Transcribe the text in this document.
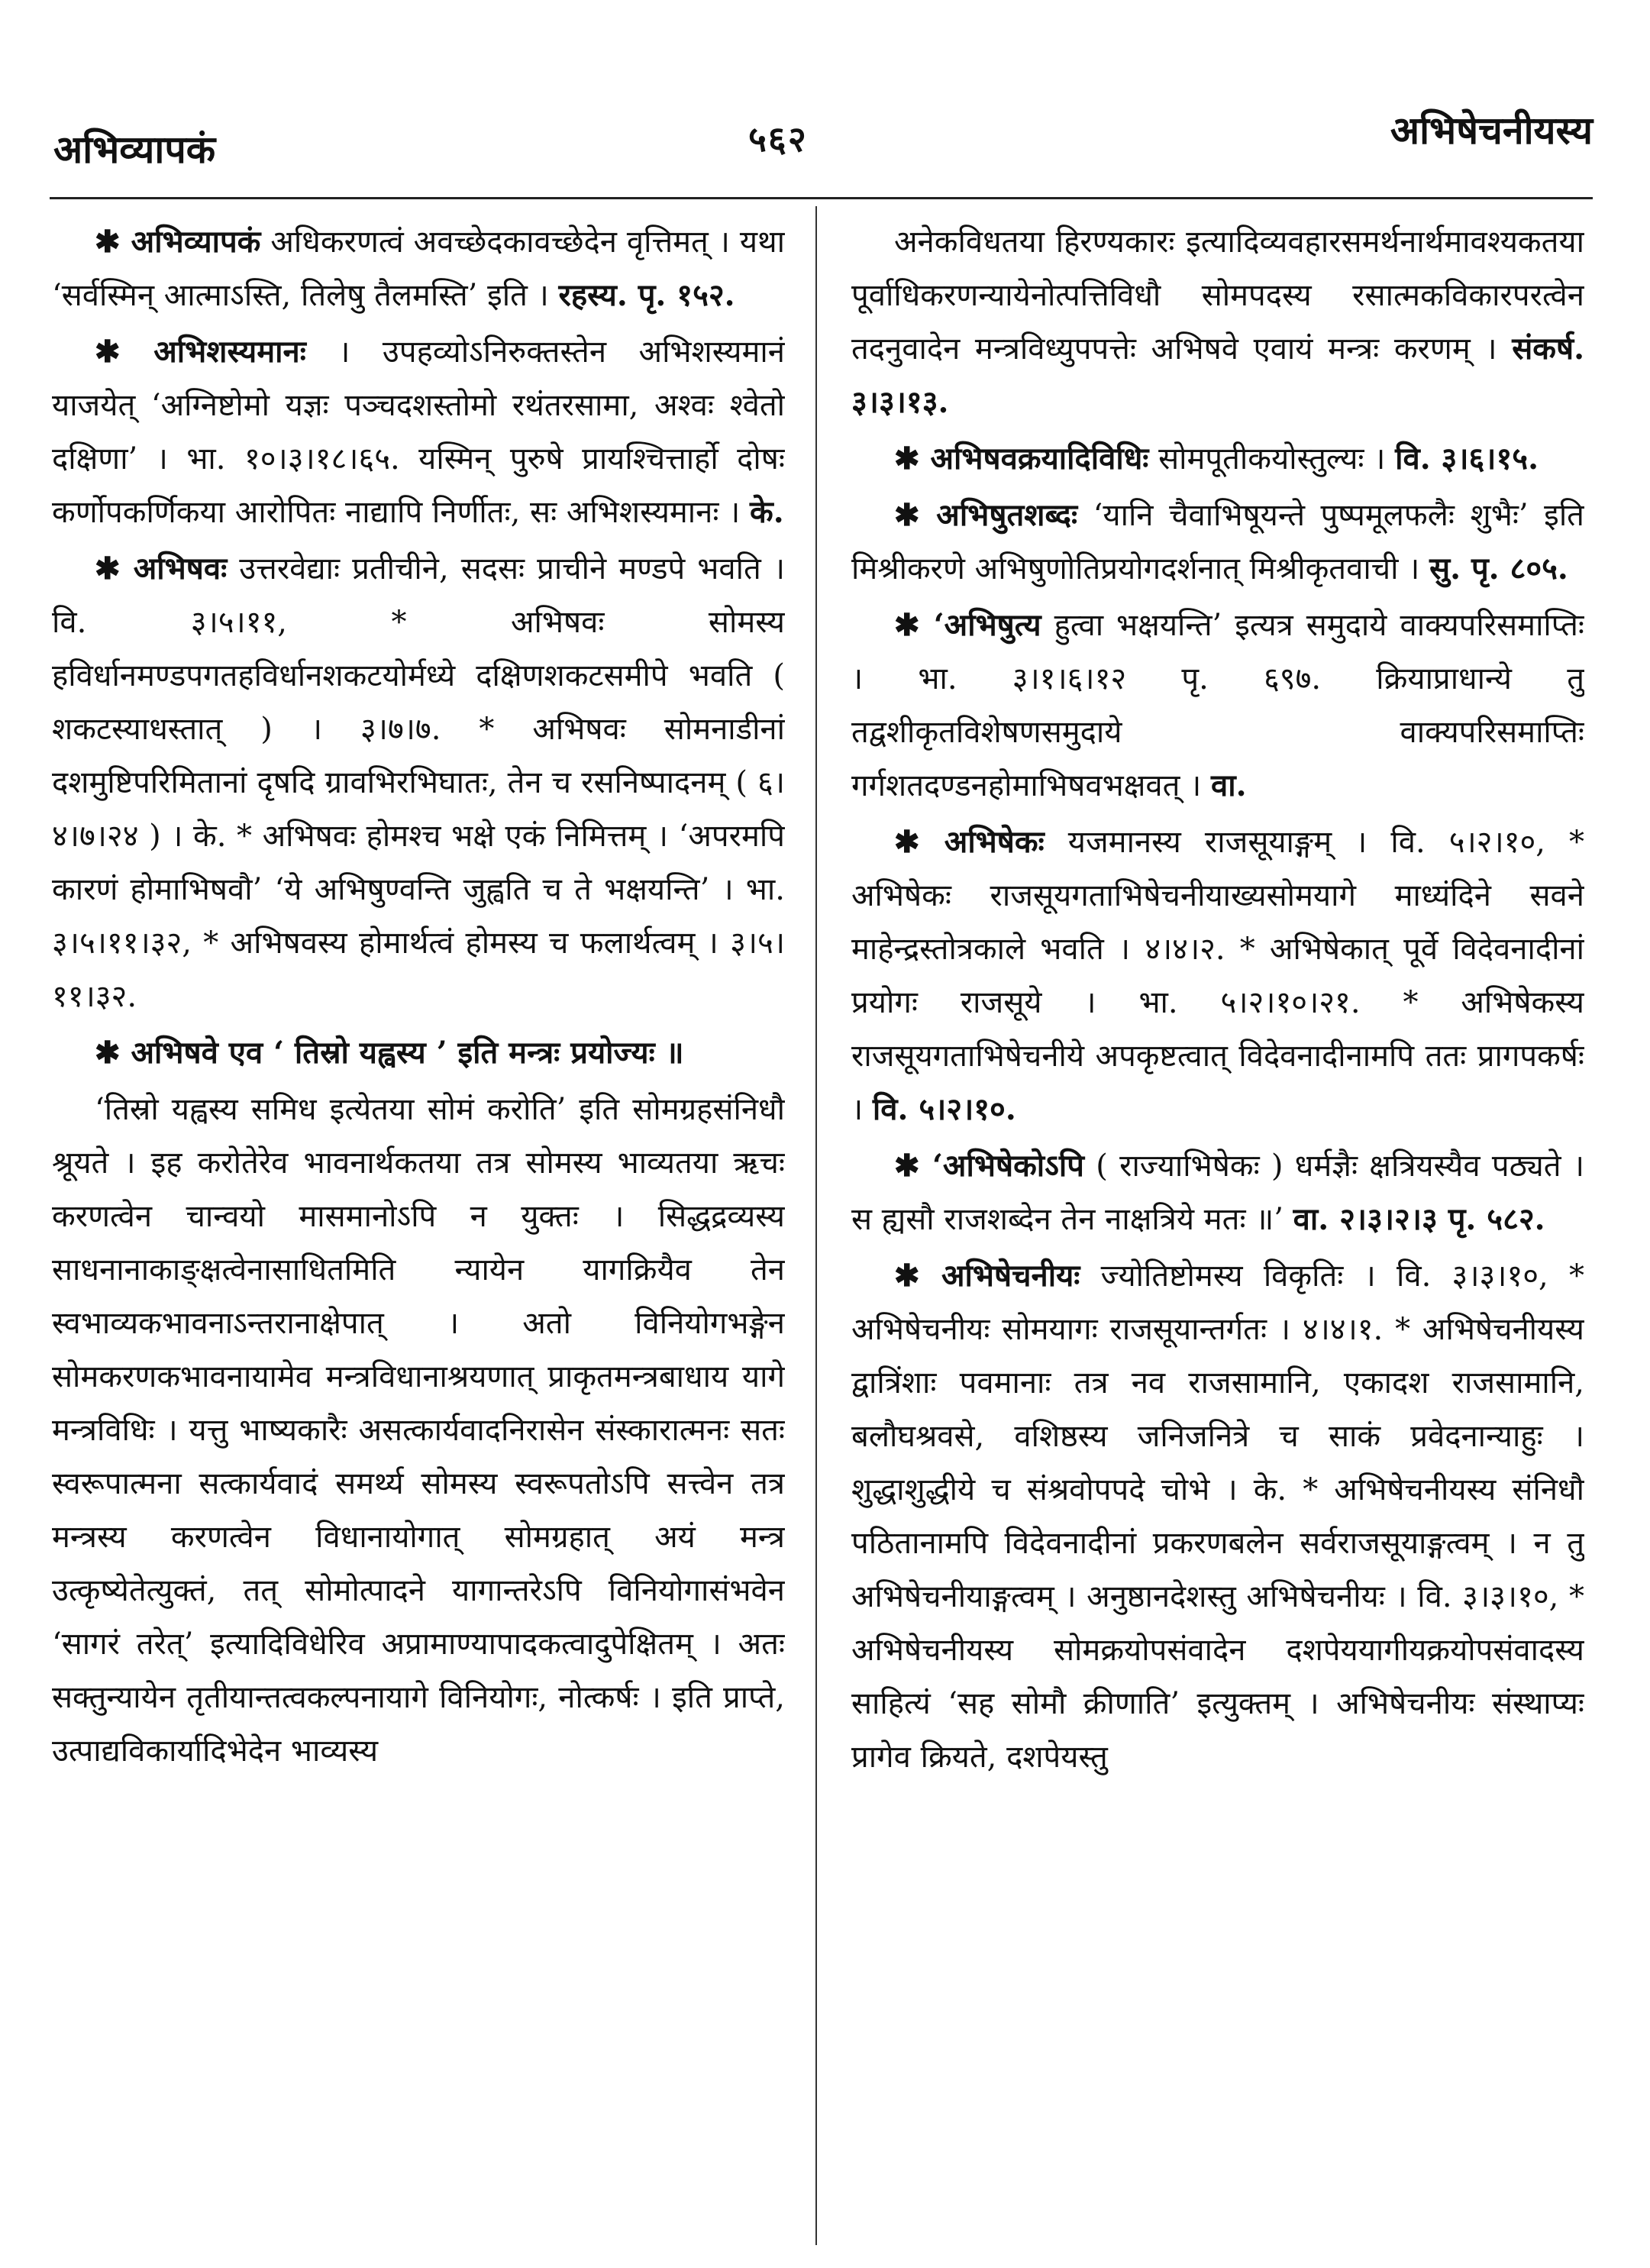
अभिव्यापकं	५६२	अभिषेचनीयस्य

✱ अभिव्यापकं अधिकरणत्वं अवच्छेदकावच्छेदेन वृत्तिमत् । यथा ‘सर्वस्मिन् आत्माऽस्ति, तिलेषु तैलमस्ति’ इति । रहस्य. पृ. १५२.

✱ अभिशस्यमानः । उपहव्योऽनिरुक्तस्तेन अभिशस्यमानं याजयेत् ‘अग्निष्टोमो यज्ञः पञ्चदशस्तोमो रथंतरसामा, अश्वः श्वेतो दक्षिणा’ । भा. १०।३।१८।६५. यस्मिन् पुरुषे प्रायश्चित्तार्हो दोषः कर्णोपकर्णिकया आरोपितः नाद्यापि निर्णीतः, सः अभिशस्यमानः । के.

✱ अभिषवः उत्तरवेद्याः प्रतीचीने, सदसः प्राचीने मण्डपे भवति । वि. ३।५।११, * अभिषवः सोमस्य हविर्धानमण्डपगतहविर्धानशकटयोर्मध्ये दक्षिणशकटसमीपे भवति ( शकटस्याधस्तात् ) । ३।७।७. * अभिषवः सोमनाडीनां दशमुष्टिपरिमितानां दृषदि ग्रावभिरभिघातः, तेन च रसनिष्पादनम् ( ६।४।७।२४ ) । के. * अभिषवः होमश्च भक्षे एकं निमित्तम् । ‘अपरमपि कारणं होमाभिषवौ’ ‘ये अभिषुण्वन्ति जुह्वति च ते भक्षयन्ति’ । भा. ३।५।११।३२, * अभिषवस्य होमार्थत्वं होमस्य च फलार्थत्वम् । ३।५।११।३२.

✱ अभिषवे एव ‘ तिस्रो यह्वस्य ’ इति मन्त्रः प्रयोज्यः ॥

‘तिस्रो यह्वस्य समिध इत्येतया सोमं करोति’ इति सोमग्रहसंनिधौ श्रूयते । इह करोतेरेव भावनार्थकतया तत्र सोमस्य भाव्यतया ऋचः करणत्वेन चान्वयो मासमानोऽपि न युक्तः । सिद्धद्रव्यस्य साधनानाकाङ्क्षत्वेनासाधितमिति न्यायेन यागक्रियैव तेन स्वभाव्यकभावनाऽन्तरानाक्षेपात् । अतो विनियोगभङ्गेन सोमकरणकभावनायामेव मन्त्रविधानाश्रयणात् प्राकृतमन्त्रबाधाय यागे मन्त्रविधिः । यत्तु भाष्यकारैः असत्कार्यवादनिरासेन संस्कारात्मनः सतः स्वरूपात्मना सत्कार्यवादं समर्थ्य सोमस्य स्वरूपतोऽपि सत्त्वेन तत्र मन्त्रस्य करणत्वेन विधानायोगात् सोमग्रहात् अयं मन्त्र उत्कृष्येतेत्युक्तं, तत् सोमोत्पादने यागान्तरेऽपि विनियोगासंभवेन ‘सागरं तरेत्’ इत्यादिविधेरिव अप्रामाण्यापादकत्वादुपेक्षितम् । अतः सक्तुन्यायेन तृतीयान्तत्वकल्पनायागे विनियोगः, नोत्कर्षः । इति प्राप्ते, उत्पाद्यविकार्यादिभेदेन भाव्यस्य

अनेकविधतया हिरण्यकारः इत्यादिव्यवहारसमर्थनार्थमावश्यकतया पूर्वाधिकरणन्यायेनोत्पत्तिविधौ सोमपदस्य रसात्मकविकारपरत्वेन तदनुवादेन मन्त्रविध्युपपत्तेः अभिषवे एवायं मन्त्रः करणम् । संकर्ष. ३।३।१३.

✱ अभिषवक्रयादिविधिः सोमपूतीकयोस्तुल्यः । वि. ३।६।१५.

✱ अभिषुतशब्दः ‘यानि चैवाभिषूयन्ते पुष्पमूलफलैः शुभैः’ इति मिश्रीकरणे अभिषुणोतिप्रयोगदर्शनात् मिश्रीकृतवाची । सु. पृ. ८०५.

✱ ‘अभिषुत्य हुत्वा भक्षयन्ति’ इत्यत्र समुदाये वाक्यपरिसमाप्तिः । भा. ३।१।६।१२ पृ. ६९७. क्रियाप्राधान्ये तु तद्वशीकृतविशेषणसमुदाये वाक्यपरिसमाप्तिः गर्गशतदण्डनहोमाभिषवभक्षवत् । वा.

✱ अभिषेकः यजमानस्य राजसूयाङ्गम् । वि. ५।२।१०, * अभिषेकः राजसूयगताभिषेचनीयाख्यसोमयागे माध्यंदिने सवने माहेन्द्रस्तोत्रकाले भवति । ४।४।२. * अभिषेकात् पूर्वे विदेवनादीनां प्रयोगः राजसूये । भा. ५।२।१०।२१. * अभिषेकस्य राजसूयगताभिषेचनीये अपकृष्टत्वात् विदेवनादीनामपि ततः प्रागपकर्षः । वि. ५।२।१०.

✱ ‘अभिषेकोऽपि ( राज्याभिषेकः ) धर्मज्ञैः क्षत्रियस्यैव पठ्यते । स ह्यसौ राजशब्देन तेन नाक्षत्रिये मतः ॥’ वा. २।३।२।३ पृ. ५८२.

✱ अभिषेचनीयः ज्योतिष्टोमस्य विकृतिः । वि. ३।३।१०, * अभिषेचनीयः सोमयागः राजसूयान्तर्गतः । ४।४।१. * अभिषेचनीयस्य द्वात्रिंशाः पवमानाः तत्र नव राजसामानि, एकादश राजसामानि, बलौघश्रवसे, वशिष्ठस्य जनिजनित्रे च साकं प्रवेदनान्याहुः । शुद्धाशुद्धीये च संश्रवोपपदे चोभे । के. * अभिषेचनीयस्य संनिधौ पठितानामपि विदेवनादीनां प्रकरणबलेन सर्वराजसूयाङ्गत्वम् । न तु अभिषेचनीयाङ्गत्वम् । अनुष्ठानदेशस्तु अभिषेचनीयः । वि. ३।३।१०, * अभिषेचनीयस्य सोमक्रयोपसंवादेन दशपेययागीयक्रयोपसंवादस्य साहित्यं ‘सह सोमौ क्रीणाति’ इत्युक्तम् । अभिषेचनीयः संस्थाप्यः प्रागेव क्रियते, दशपेयस्तु
